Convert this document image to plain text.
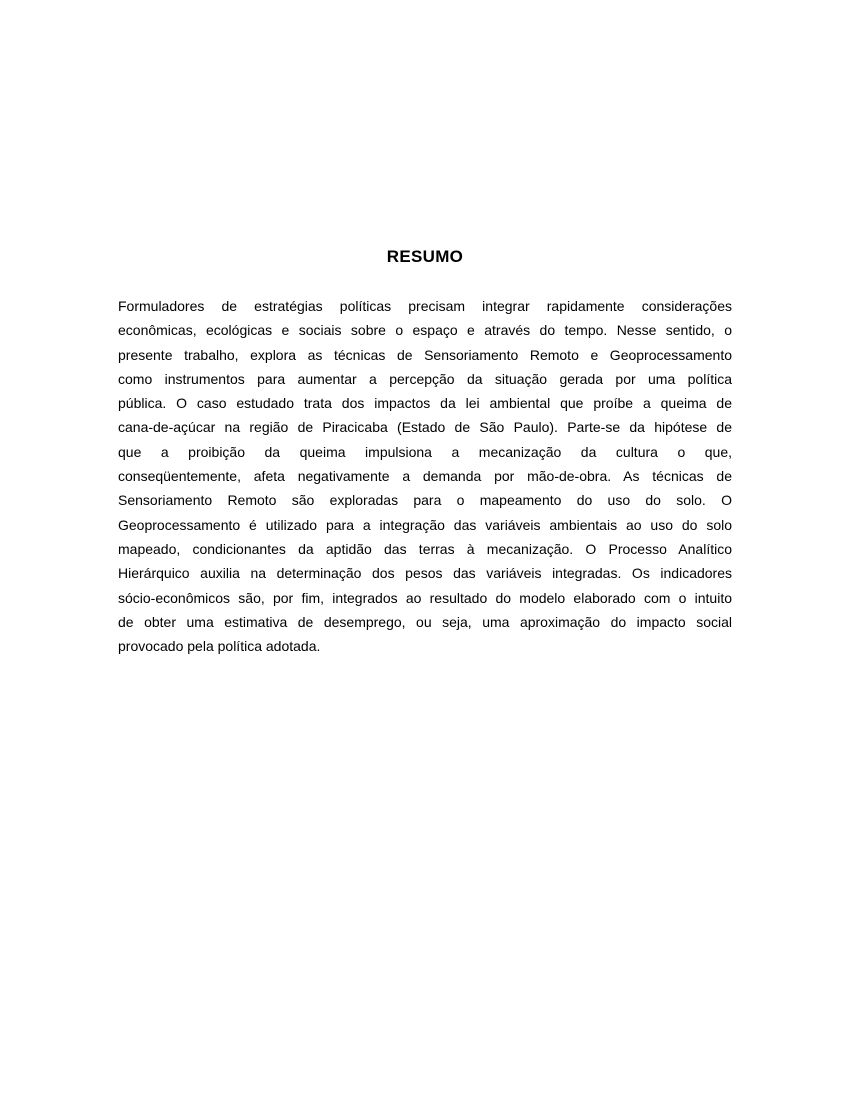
RESUMO
Formuladores de estratégias políticas precisam integrar rapidamente considerações
econômicas, ecológicas e sociais sobre o espaço e através do tempo. Nesse sentido, o
presente trabalho, explora as técnicas de Sensoriamento Remoto e Geoprocessamento
como instrumentos para aumentar a percepção da situação gerada por uma política
pública. O caso estudado trata dos impactos da lei ambiental que proíbe a queima de
cana-de-açúcar na região de Piracicaba (Estado de São Paulo). Parte-se da hipótese de
que a proibição da queima impulsiona a mecanização da cultura o que,
conseqüentemente, afeta negativamente a demanda por mão-de-obra. As técnicas de
Sensoriamento Remoto são exploradas para o mapeamento do uso do solo. O
Geoprocessamento é utilizado para a integração das variáveis ambientais ao uso do solo
mapeado, condicionantes da aptidão das terras à mecanização. O Processo Analítico
Hierárquico auxilia na determinação dos pesos das variáveis integradas. Os indicadores
sócio-econômicos são, por fim, integrados ao resultado do modelo elaborado com o intuito
de obter uma estimativa de desemprego, ou seja, uma aproximação do impacto social
provocado pela política adotada.
